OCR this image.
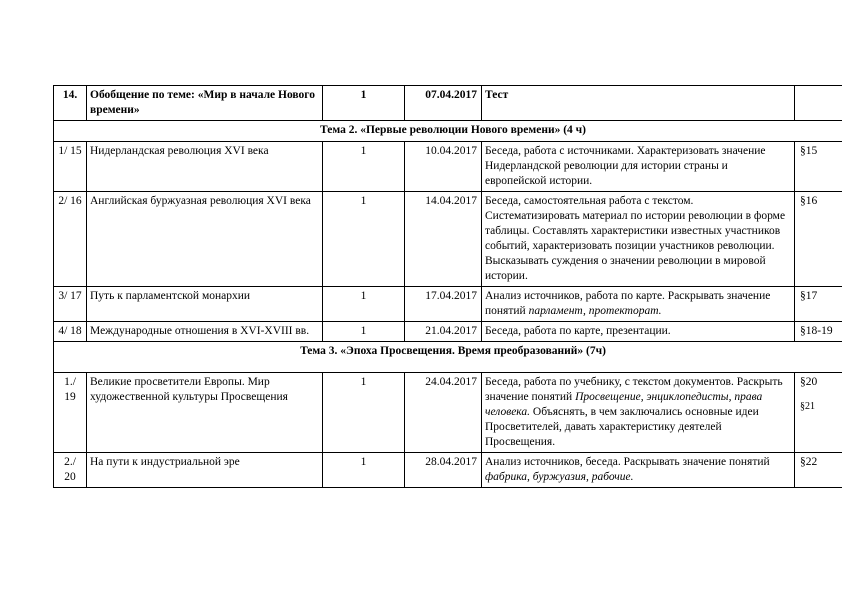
14.	Обобщение по теме: «Мир в начале Нового времени»	1	07.04.2017	Тест	

Тема 2. «Первые революции Нового времени» (4 ч)					
1/ 15	Нидерландская революция XVI века	1	10.04.2017	Беседа, работа с источниками. Характеризовать значение Нидерландской революции для истории страны и европейской истории.	§15

2/ 16	Английская буржуазная революция XVI века	1	14.04.2017	Беседа, самостоятельная работа с текстом. Систематизировать материал по истории революции в форме таблицы. Составлять характеристики известных участников событий, характеризовать позиции участников революции. Высказывать суждения о значении революции в мировой истории.	§16

3/ 17	Путь к парламентской монархии	1	17.04.2017	Анализ источников, работа по карте. Раскрывать значение понятий парламент, протекторат.	§17

4/ 18	Международные отношения в XVI-XVIII вв.	1	21.04.2017	Беседа, работа по карте, презентации.	§18-19

Тема 3. «Эпоха Просвещения. Время преобразований» (7ч)					
1./ 19	Великие просветители Европы. Мир художественной культуры Просвещения	1	24.04.2017	Беседа, работа по учебнику, с текстом документов. Раскрыть значение понятий Просвещение, энциклопедисты, права человека. Объяснять, в чем заключались основные идеи Просветителей, давать характеристику деятелей Просвещения.	§20
§21

2./ 20	На пути к индустриальной эре	1	28.04.2017	Анализ источников, беседа. Раскрывать значение понятий фабрика, буржуазия, рабочие.	§22
